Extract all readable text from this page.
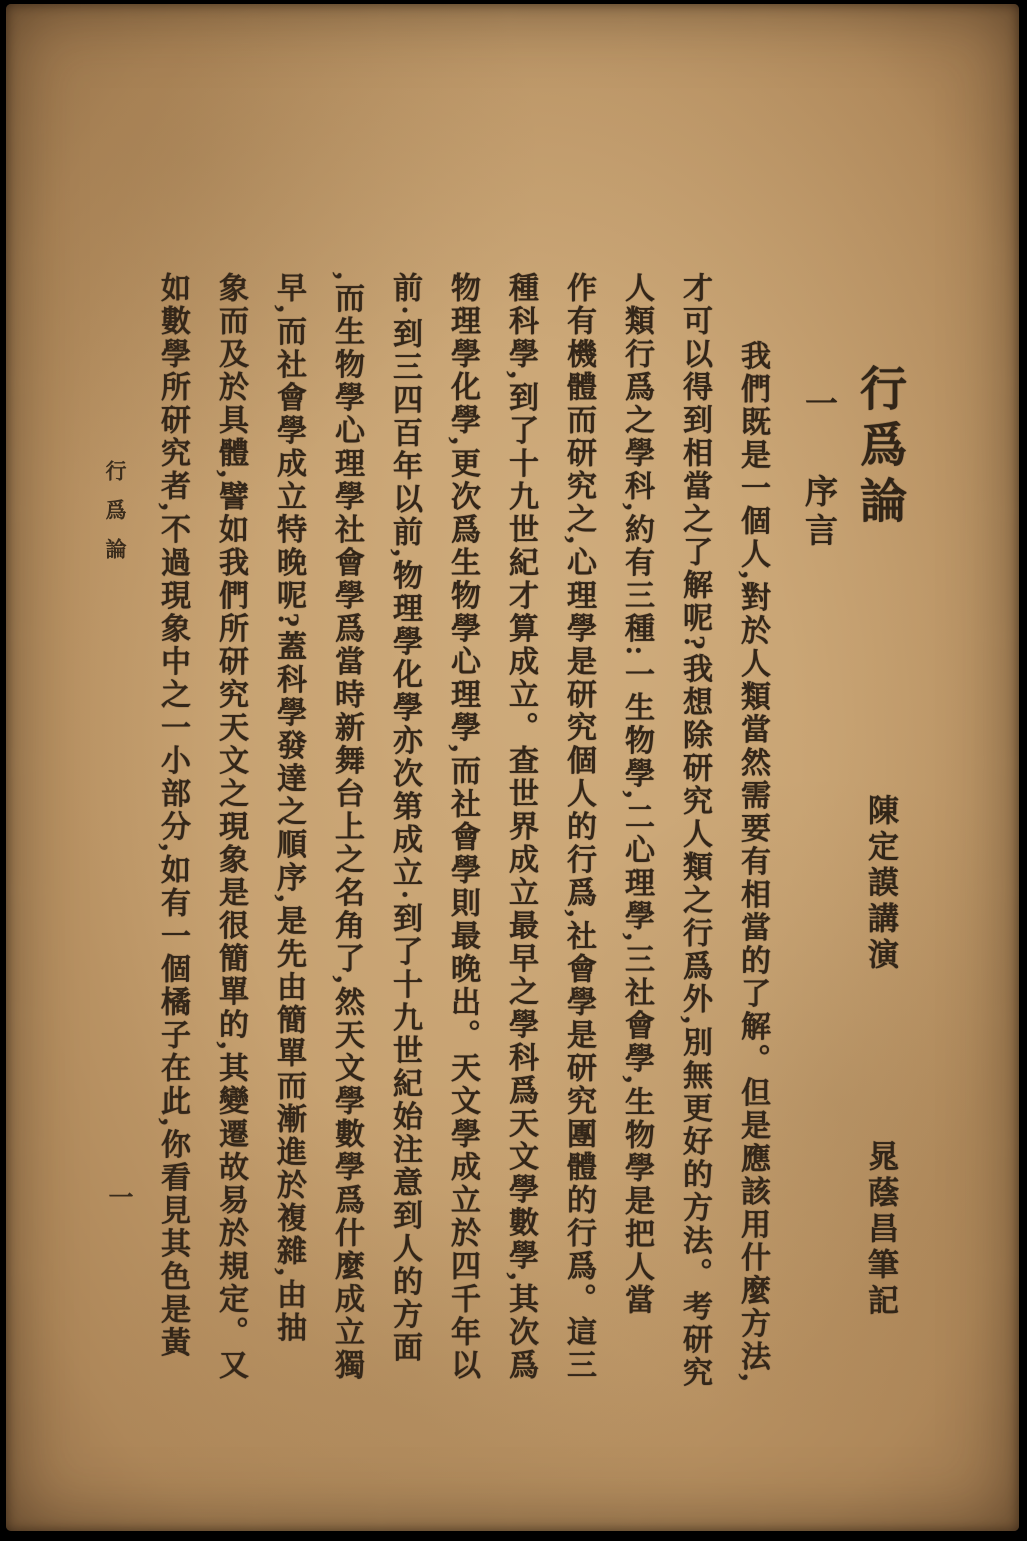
行爲論
一
序言
陳定謨講演
晁蔭昌筆記
我們既是一個人,對於人類當然需要有相當的了解。但是應該用什麼方法,
才可以得到相當之了解呢?我想除研究人類之行爲外,別無更好的方法。考研究
人類行爲之學科,約有三種:一生物學,二心理學,三社會學,生物學是把人當
作有機體而研究之,心理學是研究個人的行爲,社會學是研究團體的行爲。這三
種科學,到了十九世紀才算成立。查世界成立最早之學科爲天文學數學,其次爲
物理學化學,更次爲生物學心理學,而社會學則最晚出。天文學成立於四千年以
前·到三四百年以前,物理學化學亦次第成立·到了十九世紀始注意到人的方面
,而生物學心理學社會學爲當時新舞台上之名角了,然天文學數學爲什麼成立獨
早,而社會學成立特晚呢?蓋科學發達之順序,是先由簡單而漸進於複雜,由抽
象而及於具體,譬如我們所研究天文之現象是很簡單的,其變遷故易於規定。又
如數學所研究者,不過現象中之一小部分,如有一個橘子在此,你看見其色是黃
行爲論
一
